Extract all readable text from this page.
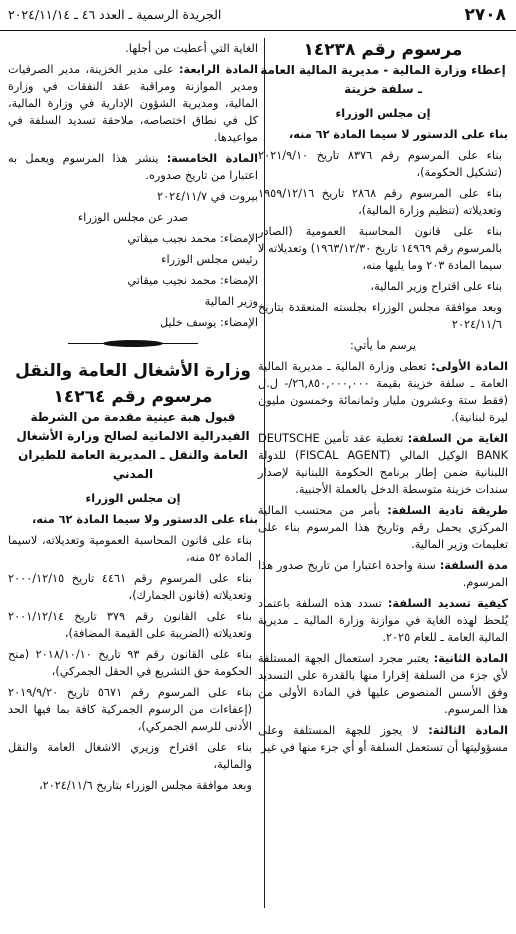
٢٧٠٨
الجريدة الرسمية ـ العدد ٤٦ ـ ٢٠٢٤/١١/١٤
مرسوم رقم ١٤٢٣٨
إعطاء وزارة المالية - مديرية المالية العامة ـ سلفة خزينة

إن مجلس الوزراء

بناء على الدستور لا سيما المادة ٦٢ منه،

بناء على المرسوم رقم ٨٣٧٦ تاريخ ٢٠٢١/٩/١٠ (تشكيل الحكومة)،

بناء على المرسوم رقم ٢٨٦٨ تاريخ ١٩٥٩/١٢/١٦ وتعديلاته (تنظيم وزارة المالية)،

بناء على قانون المحاسبة العمومية (الصادر بالمرسوم رقم ١٤٩٦٩ تاريخ ١٩٦٣/١٢/٣٠) وتعديلاته لا سيما المادة ٢٠٣ وما يليها منه،

بناء على اقتراح وزير المالية،

وبعد موافقة مجلس الوزراء بجلسته المنعقدة بتاريخ ٢٠٢٤/١١/٦

يرسم ما يأتي:

المادة الأولى: تعطى وزارة المالية ـ مديرية المالية العامة ـ سلفة خزينة بقيمة ٢٦,٨٥٠,٠٠٠,٠٠٠/- ل.ل (فقط ستة وعشرون مليار وثمانمائة وخمسون مليون ليرة لبنانية).

الغاية من السلفة: تغطية عقد تأمين DEUTSCHE BANK الوكيل المالي (FISCAL AGENT) للدولة اللبنانية ضمن إطار برنامج الحكومة اللبنانية لإصدار سندات خزينة متوسطة الدخل بالعملة الأجنبية.

طريقة تادية السلفة: بأمر من محتسب المالية المركزي يحمل رقم وتاريخ هذا المرسوم بناء على تعليمات وزير المالية.

مدة السلفة: سنة واحدة اعتبارا من تاريخ صدور هذا المرسوم.

كيفية تسديد السلفة: تسدد هذه السلفة باعتماد يُلحظ لهذه الغاية في موازنة وزارة المالية ـ مديرية المالية العامة ـ للعام ٢٠٢٥.

المادة الثانية: يعتبر مجرد استعمال الجهة المستلفة لأي جزء من السلفة إقرارا منها بالقدرة على التسديد وفق الأسس المنصوص عليها في المادة الأولى من هذا المرسوم.

المادة الثالثة: لا يجوز للجهة المستلفة وعلى مسؤوليتها أن تستعمل السلفة أو أي جزء منها في غير

الغاية التي أعطيت من أجلها.

المادة الرابعة: على مدير الخزينة، مدير الصرفيات ومدير الموازنة ومراقبة عقد النفقات في وزارة المالية، ومديرية الشؤون الإدارية في وزارة المالية، كل في نطاق اختصاصه، ملاحقة تسديد السلفة في مواعيدها.

المادة الخامسة: ينشر هذا المرسوم ويعمل به اعتبارا من تاريخ صدوره.

بيروت في ٢٠٢٤/١١/٧

صدر عن مجلس الوزراء

الإمضاء: محمد نجيب ميقاتي

رئيس مجلس الوزراء

الإمضاء: محمد نجيب ميقاتي

وزير المالية

الإمضاء: يوسف خليل

وزارة الأشغال العامة والنقل
مرسوم رقم ١٤٢٦٤
قبول هبة عينية مقدمة من الشرطة الفيدرالية الالمانية لصالح وزارة الأشغال العامة والنقل ـ المديرية العامة للطيران المدني

إن مجلس الوزراء

بناء على الدستور ولا سيما المادة ٦٢ منه،

بناء على قانون المحاسبة العمومية وتعديلاته، لاسيما المادة ٥٢ منه،

بناء على المرسوم رقم ٤٤٦١ تاريخ ٢٠٠٠/١٢/١٥ وتعديلاته (قانون الجمارك)،

بناء على القانون رقم ٣٧٩ تاريخ ٢٠٠١/١٢/١٤ وتعديلاته (الضريبة على القيمة المضافة)،

بناء على القانون رقم ٩٣ تاريخ ٢٠١٨/١٠/١٠ (منح الحكومة حق التشريع في الحقل الجمركي)،

بناء على المرسوم رقم ٥٦٧١ تاريخ ٢٠١٩/٩/٢٠ (إعفاءات من الرسوم الجمركية كافة بما فيها الحد الأدنى للرسم الجمركي)،

بناء على اقتراح وزيري الاشغال العامة والنقل والمالية،

وبعد موافقة مجلس الوزراء بتاريخ ٢٠٢٤/١١/٦،
